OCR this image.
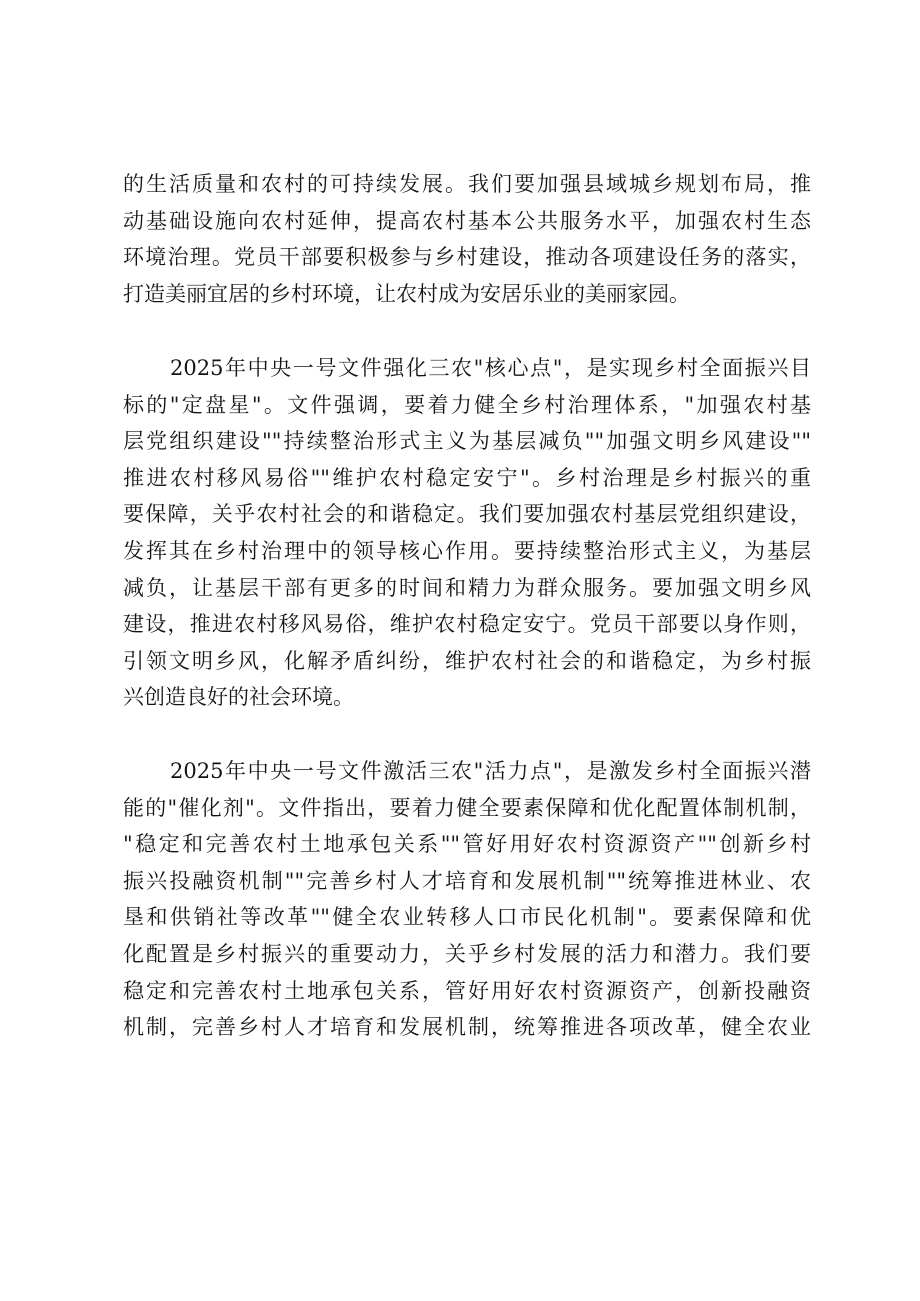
的生活质量和农村的可持续发展。我们要加强县域城乡规划布局，推
动基础设施向农村延伸，提高农村基本公共服务水平，加强农村生态
环境治理。党员干部要积极参与乡村建设，推动各项建设任务的落实，
打造美丽宜居的乡村环境，让农村成为安居乐业的美丽家园。
2025年中央一号文件强化三农"核心点"，是实现乡村全面振兴目
标的"定盘星"。文件强调，要着力健全乡村治理体系，"加强农村基
层党组织建设""持续整治形式主义为基层减负""加强文明乡风建设""
推进农村移风易俗""维护农村稳定安宁"。乡村治理是乡村振兴的重
要保障，关乎农村社会的和谐稳定。我们要加强农村基层党组织建设，
发挥其在乡村治理中的领导核心作用。要持续整治形式主义，为基层
减负，让基层干部有更多的时间和精力为群众服务。要加强文明乡风
建设，推进农村移风易俗，维护农村稳定安宁。党员干部要以身作则，
引领文明乡风，化解矛盾纠纷，维护农村社会的和谐稳定，为乡村振
兴创造良好的社会环境。
2025年中央一号文件激活三农"活力点"，是激发乡村全面振兴潜
能的"催化剂"。文件指出，要着力健全要素保障和优化配置体制机制，
"稳定和完善农村土地承包关系""管好用好农村资源资产""创新乡村
振兴投融资机制""完善乡村人才培育和发展机制""统筹推进林业、农
垦和供销社等改革""健全农业转移人口市民化机制"。要素保障和优
化配置是乡村振兴的重要动力，关乎乡村发展的活力和潜力。我们要
稳定和完善农村土地承包关系，管好用好农村资源资产，创新投融资
机制，完善乡村人才培育和发展机制，统筹推进各项改革，健全农业
